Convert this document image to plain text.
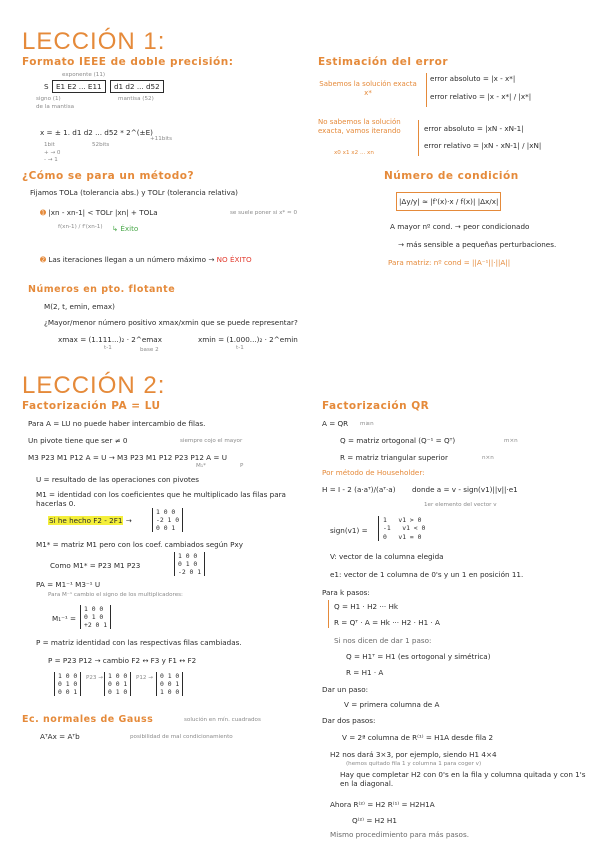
LECCIÓN 1:
Formato IEEE de doble precisión:
exponente (11)
S	E1 E2 ... E11	d1 d2 ... d52
signo (1)
de la mantisa
mantisa (52)
x = ± 1. d1 d2 ... d52 * 2^(±E)
+11bits
1bit	52bits
+ → 0
- → 1
Estimación del error
Sabemos la solución exacta x*
error absoluto = |x - x*|
error relativo = |x - x*| / |x*|
No sabemos la solución exacta, vamos iterando
x0 x1 x2 ... xn
error absoluto = |xN - xN-1|
error relativo = |xN - xN-1| / |xN|
¿Cómo se para un método?
Fijamos TOLa (tolerancia abs.) y TOLr (tolerancia relativa)
➊ |xn - xn-1| < TOLr |xn| + TOLa	se suele poner si x* ≈ 0
f(xn-1) / f'(xn-1) ↳ Éxito
➋ Las iteraciones llegan a un número máximo → NO ÉXITO
Número de condición
|Δy/y| ≈ |f'(x)·x / f(x)| |Δx/x|
A mayor nº cond. → peor condicionado
→ más sensible a pequeñas perturbaciones.
Para matriz: nº cond = ||A⁻¹||·||A||
Números en pto. flotante
M(2, t, emin, emax)
¿Mayor/menor número positivo xmax/xmin que se puede representar?
xmax = (1.111...)₂ · 2^emax
t-1	base 2
xmin = (1.000...)₂ · 2^emin
t-1
LECCIÓN 2:
Factorización PA = LU
Para A = LU no puede haber intercambio de filas.
Un pivote tiene que ser ≠ 0	siempre cojo el mayor
M3 P23 M1 P12 A = U → M3 P23 M1 P12 P23 P12 A = U
M₁*	P
U = resultado de las operaciones con pivotes
M1 = identidad con los coeficientes que he multiplicado las filas para hacerlas 0.
Si he hecho F2 - 2F1 →
1 0 0
-2 1 0
0 0 1
M1* = matriz M1 pero con los coef. cambiados según Pxy
Como M1* = P23 M1 P23
1 0 0
0 1 0
-2 0 1
PA = M1⁻¹ M3⁻¹ U
Para M⁻¹ cambio el signo de los multiplicadores:
M₁⁻¹ =
1 0 0
0 1 0
+2 0 1
P = matriz identidad con las respectivas filas cambiadas.
P = P23 P12 → cambio F2 ↔ F3 y F1 ↔ F2
1 0 0
0 1 0
0 0 1
P23 → 1 0 0
0 0 1
0 1 0
P12 →	0 1 0
0 0 1
1 0 0
Ec. normales de Gauss	solución en mín. cuadrados
AᵀAx = Aᵀb	posibilidad de mal condicionamiento
Factorización QR
A = QR m≥n
Q = matriz ortogonal (Q⁻¹ = Qᵀ)	m×n
R = matriz triangular superior	n×n
Por método de Householder:
H = I - 2 (a·aᵀ)/(aᵀ·a) donde a = v - sign(v1)||v||·e1
1er elemento del vector v
sign(v1) =
1   v1 > 0
-1   v1 < 0
0   v1 = 0
V: vector de la columna elegida
e1: vector de 1 columna de 0's y un 1 en posición 11.
Para k pasos:
Q = H1 · H2 ··· Hk
R = Qᵀ · A = Hk ··· H2 · H1 · A
Si nos dicen de dar 1 paso:
Q = H1ᵀ = H1 (es ortogonal y simétrica)
R = H1 · A
Dar un paso:
V = primera columna de A
Dar dos pasos:
V = 2ª columna de R⁽¹⁾ = H1A desde fila 2
H2 nos dará 3×3, por ejemplo, siendo H1 4×4
(hemos quitado fila 1 y columna 1 para coger v)
Hay que completar H2 con 0's en la fila y columna quitada y con 1's en la diagonal.
Ahora R⁽²⁾ = H2 R⁽¹⁾ = H2H1A
Q⁽²⁾ = H2 H1
Mismo procedimiento para más pasos.
